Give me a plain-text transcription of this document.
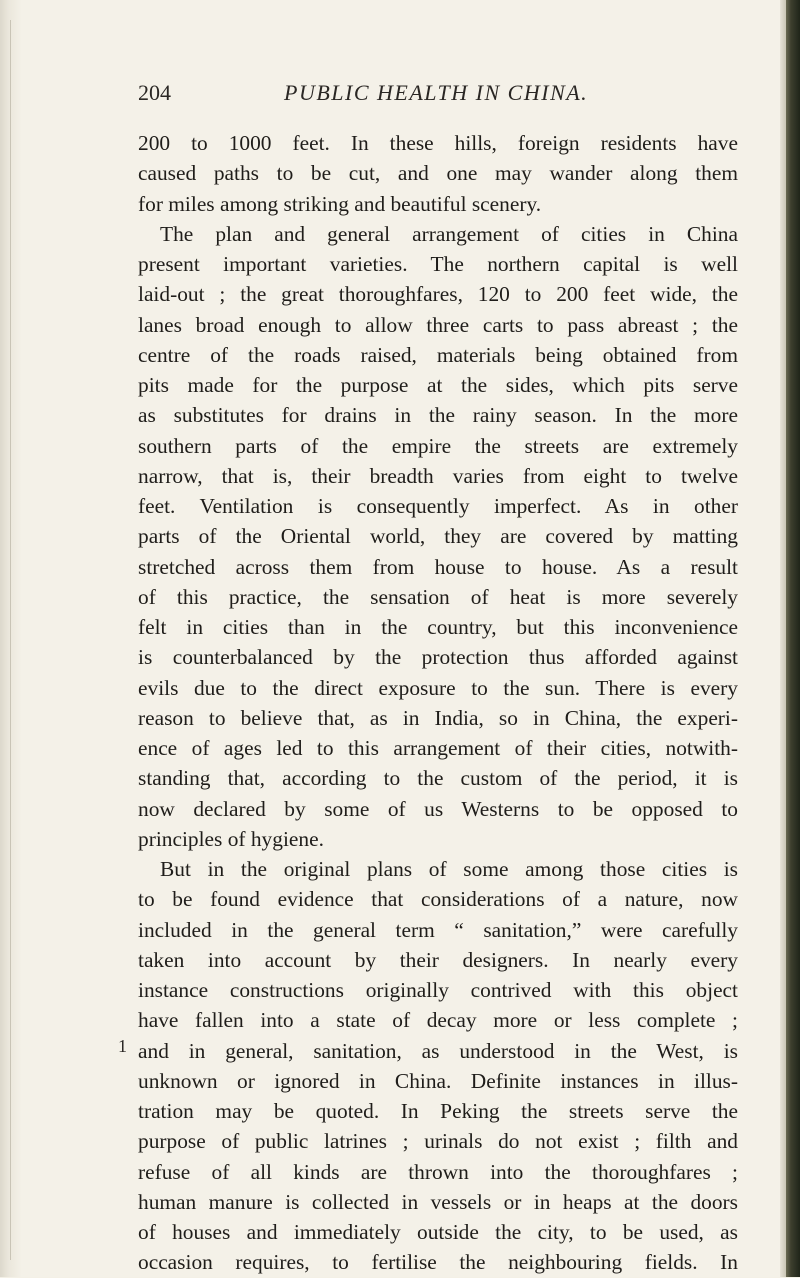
204	PUBLIC HEALTH IN CHINA.
1
200 to 1000 feet. In these hills, foreign residents have
caused paths to be cut, and one may wander along them
for miles among striking and beautiful scenery.
The plan and general arrangement of cities in China
present important varieties. The northern capital is well
laid-out ; the great thoroughfares, 120 to 200 feet wide, the
lanes broad enough to allow three carts to pass abreast ; the
centre of the roads raised, materials being obtained from
pits made for the purpose at the sides, which pits serve
as substitutes for drains in the rainy season. In the more
southern parts of the empire the streets are extremely
narrow, that is, their breadth varies from eight to twelve
feet. Ventilation is consequently imperfect. As in other
parts of the Oriental world, they are covered by matting
stretched across them from house to house. As a result
of this practice, the sensation of heat is more severely
felt in cities than in the country, but this inconvenience
is counterbalanced by the protection thus afforded against
evils due to the direct exposure to the sun. There is every
reason to believe that, as in India, so in China, the experi-
ence of ages led to this arrangement of their cities, notwith-
standing that, according to the custom of the period, it is
now declared by some of us Westerns to be opposed to
principles of hygiene.
But in the original plans of some among those cities is
to be found evidence that considerations of a nature, now
included in the general term “ sanitation,” were carefully
taken into account by their designers. In nearly every
instance constructions originally contrived with this object
have fallen into a state of decay more or less complete ;
and in general, sanitation, as understood in the West, is
unknown or ignored in China. Definite instances in illus-
tration may be quoted. In Peking the streets serve the
purpose of public latrines ; urinals do not exist ; filth and
refuse of all kinds are thrown into the thoroughfares ;
human manure is collected in vessels or in heaps at the doors
of houses and immediately outside the city, to be used, as
occasion requires, to fertilise the neighbouring fields. In
